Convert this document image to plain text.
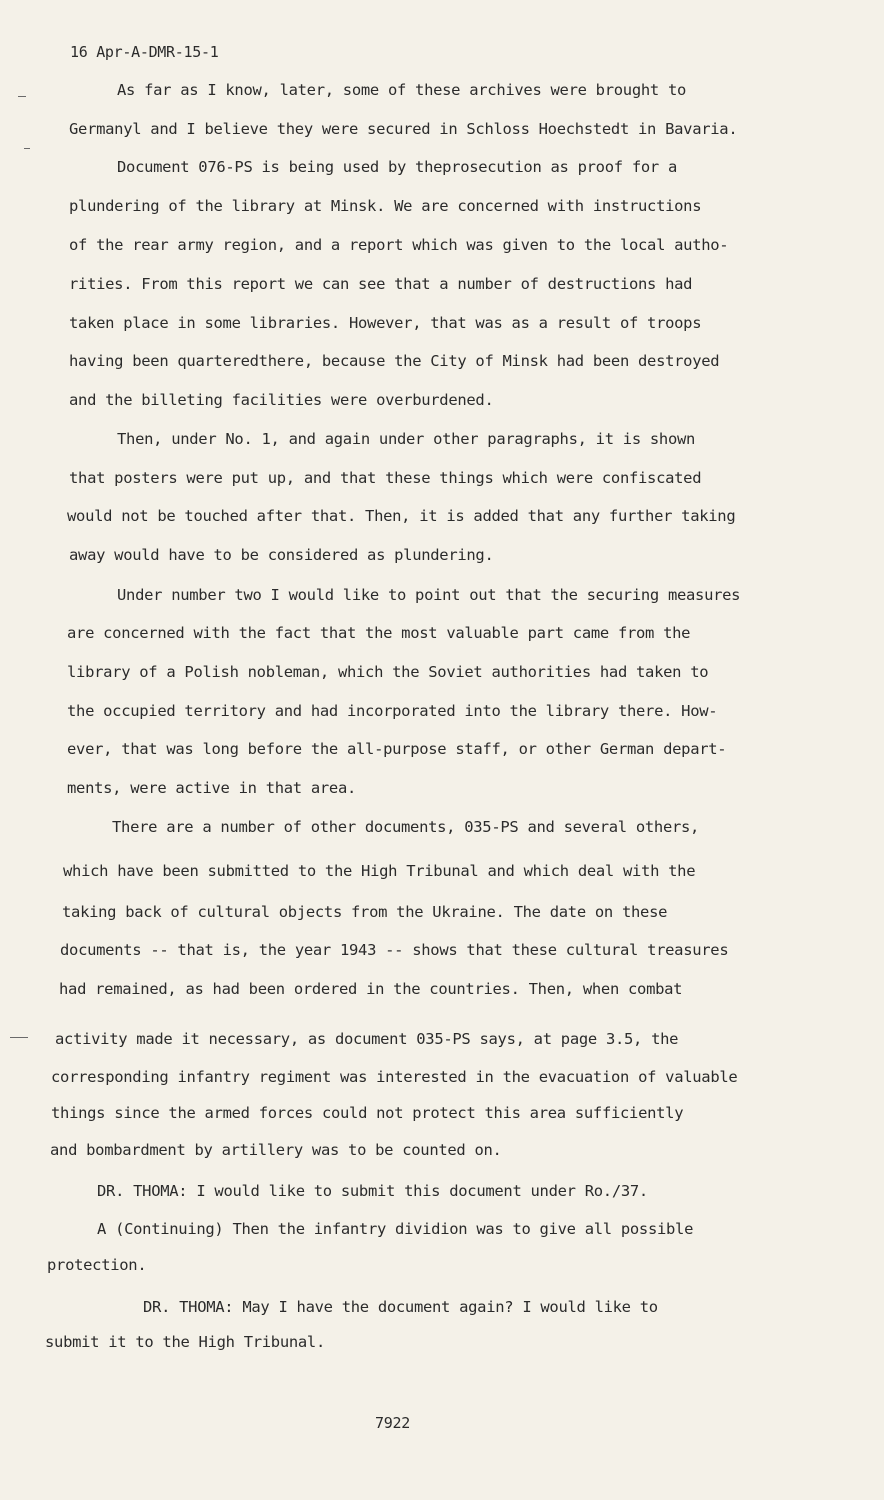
16 Apr-A-DMR-15-1
As far as I know, later, some of these archives were brought to
Germanyl and I believe they were secured in Schloss Hoechstedt in Bavaria.
Document 076-PS is being used by theprosecution as proof for a
plundering of the library at Minsk. We are concerned with instructions
of the rear army region, and a report which was given to the local autho-
rities. From this report we can see that a number of destructions had
taken place in some libraries. However, that was as a result of troops
having been quarteredthere, because the City of Minsk had been destroyed
and the billeting facilities were overburdened.
Then, under No. 1, and again under other paragraphs, it is shown
that posters were put up, and that these things which were confiscated
would not be touched after that. Then, it is added that any further taking
away would have to be considered as plundering.
Under number two I would like to point out that the securing measures
are concerned with the fact that the most valuable part came from the
library of a Polish nobleman, which the Soviet authorities had taken to
the occupied territory and had incorporated into the library there. How-
ever, that was long before the all-purpose staff, or other German depart-
ments, were active in that area.
There are a number of other documents, 035-PS and several others,
which have been submitted to the High Tribunal and which deal with the
taking back of cultural objects from the Ukraine. The date on these
documents -- that is, the year 1943 -- shows that these cultural treasures
had remained, as had been ordered in the countries. Then, when combat
activity made it necessary, as document 035-PS says, at page 3.5, the
corresponding infantry regiment was interested in the evacuation of valuable
things since the armed forces could not protect this area sufficiently
and bombardment by artillery was to be counted on.
DR. THOMA: I would like to submit this document under Ro./37.
A (Continuing) Then the infantry dividion was to give all possible
protection.
DR. THOMA: May I have the document again? I would like to
submit it to the High Tribunal.
7922
